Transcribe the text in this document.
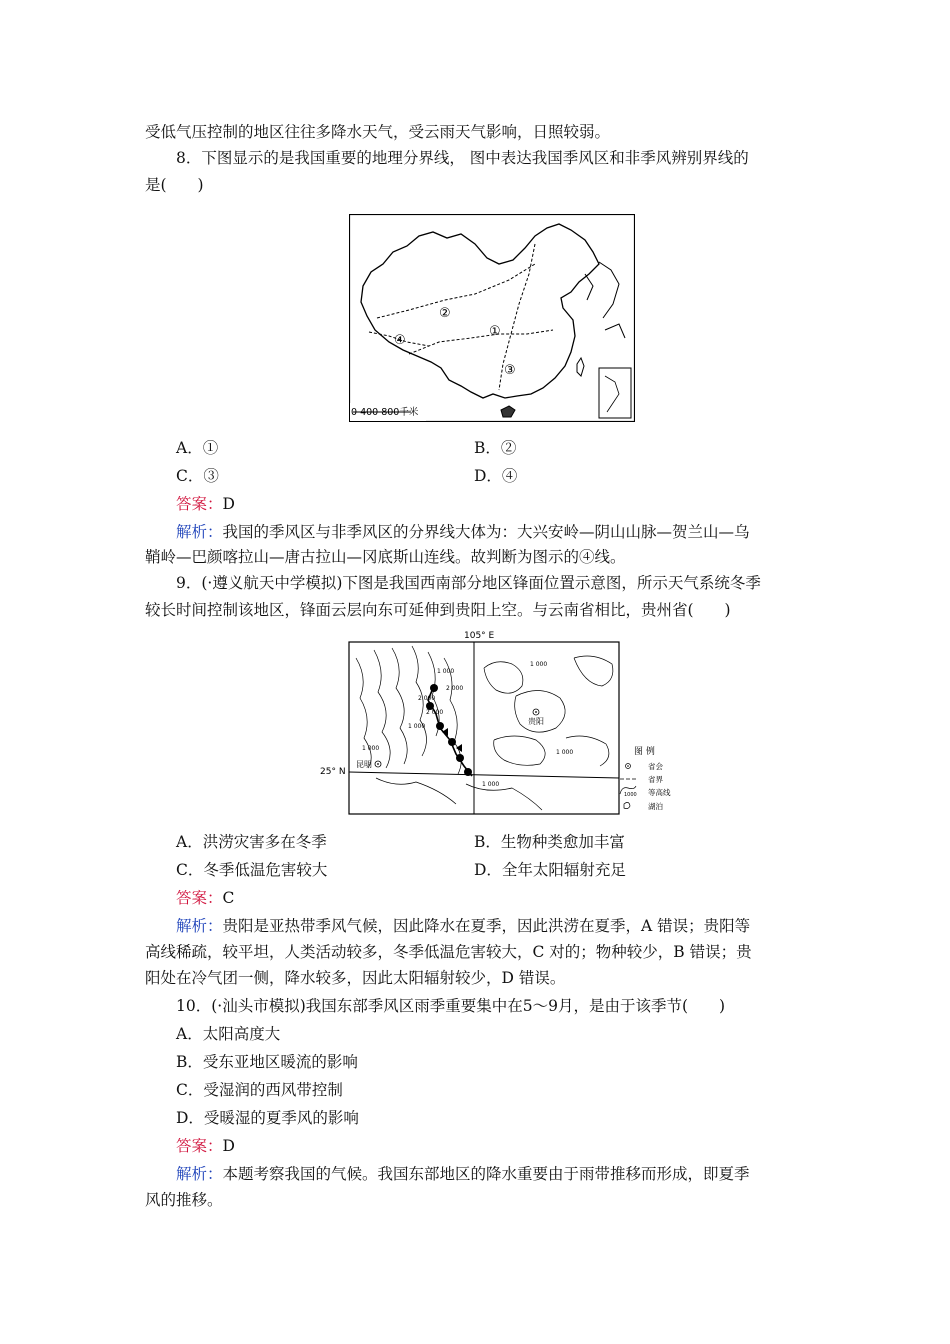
受低气压控制的地区往往多降水天气，受云雨天气影响，日照较弱。
8．下图显示的是我国重要的地理分界线， 图中表达我国季风区和非季风辨别界线的
是(　　)
②
①
③
④
0 400 800千米
A．①	B．②
C．③	D．④
答案：D
解析：我国的季风区与非季风区的分界线大体为：大兴安岭—阴山山脉—贺兰山—乌
鞘岭—巴颜喀拉山—唐古拉山—冈底斯山连线。故判断为图示的④线。
9．(·遵义航天中学模拟)下图是我国西南部分地区锋面位置示意图，所示天气系统冬季
较长时间控制该地区，锋面云层向东可延伸到贵阳上空。与云南省相比，贵州省(　　)
105° E
25° N
1 000
2 000
1 000
2 000
1 000
1 000
1 000
2 000
1 000
贵阳
昆明
图 例
省会
省界
1000 等高线
湖泊
A．洪涝灾害多在冬季	B．生物种类愈加丰富
C．冬季低温危害较大	D．全年太阳辐射充足
答案：C
解析：贵阳是亚热带季风气候，因此降水在夏季，因此洪涝在夏季，A 错误；贵阳等
高线稀疏，较平坦，人类活动较多，冬季低温危害较大，C 对的；物种较少，B 错误；贵
阳处在冷气团一侧，降水较多，因此太阳辐射较少，D 错误。
10．(·汕头市模拟)我国东部季风区雨季重要集中在5～9月，是由于该季节(　　)
A．太阳高度大
B．受东亚地区暖流的影响
C．受湿润的西风带控制
D．受暖湿的夏季风的影响
答案：D
解析：本题考察我国的气候。我国东部地区的降水重要由于雨带推移而形成，即夏季
风的推移。
